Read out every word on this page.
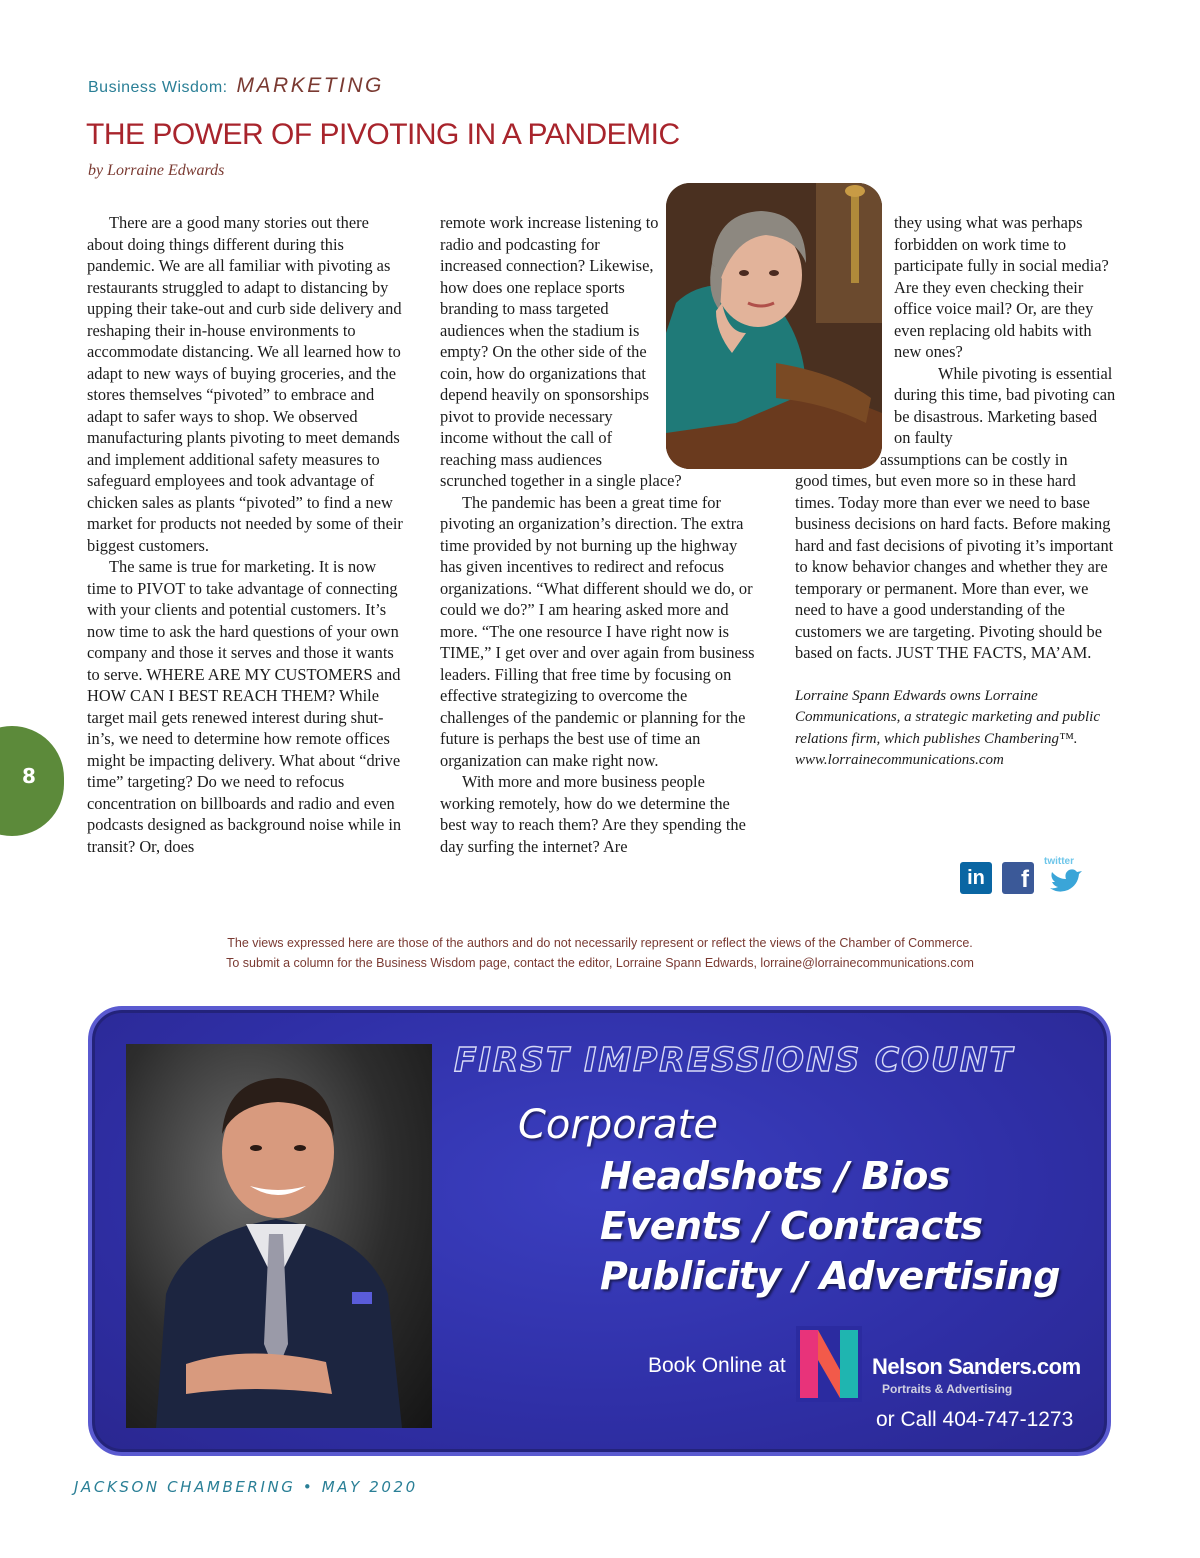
Business Wisdom: MARKETING
THE POWER OF PIVOTING IN A PANDEMIC
by Lorraine Edwards

There are a good many stories out there about doing things different during this pandemic. We are all familiar with pivoting as restaurants struggled to adapt to distancing by upping their take-out and curb side delivery and reshaping their in-house environments to accommodate distancing. We all learned how to adapt to new ways of buying groceries, and the stores themselves “pivoted” to embrace and adapt to safer ways to shop. We observed manufacturing plants pivoting to meet demands and implement additional safety measures to safeguard employees and took advantage of chicken sales as plants “pivoted” to find a new market for products not needed by some of their biggest customers.

The same is true for marketing. It is now time to PIVOT to take advantage of connecting with your clients and potential customers. It’s now time to ask the hard questions of your own company and those it serves and those it wants to serve. WHERE ARE MY CUSTOMERS and HOW CAN I BEST REACH THEM? While target mail gets renewed interest during shut-in’s, we need to determine how remote offices might be impacting delivery. What about “drive time” targeting? Do we need to refocus concentration on billboards and radio and even podcasts designed as background noise while in transit? Or, does

remote work increase listening to radio and podcasting for increased connection? Likewise, how does one replace sports branding to mass targeted audiences when the stadium is empty? On the other side of the coin, how do organizations that depend heavily on sponsorships pivot to provide necessary income without the call of reaching mass audiences

scrunched together in a single place?

The pandemic has been a great time for pivoting an organization’s direction. The extra time provided by not burning up the highway has given incentives to redirect and refocus organizations. “What different should we do, or could we do?” I am hearing asked more and more. “The one resource I have right now is TIME,” I get over and over again from business leaders. Filling that free time by focusing on effective strategizing to overcome the challenges of the pandemic or planning for the future is perhaps the best use of time an organization can make right now.

With more and more business people working remotely, how do we determine the best way to reach them? Are they spending the day surfing the internet? Are

they using what was perhaps forbidden on work time to participate fully in social media? Are they even checking their office voice mail? Or, are they even replacing old habits with new ones?

While pivoting is essential during this time, bad pivoting can be disastrous. Marketing based on faulty

assumptions can be costly in

good times, but even more so in these hard times. Today more than ever we need to base business decisions on hard facts. Before making hard and fast decisions of pivoting it’s important to know behavior changes and whether they are temporary or permanent. More than ever, we need to have a good understanding of the customers we are targeting. Pivoting should be based on facts. JUST THE FACTS, MA’AM.

Lorraine Spann Edwards owns Lorraine Communications, a strategic marketing and public relations firm, which publishes Chambering™.

www.lorrainecommunications.com

in	f
twitter
The views expressed here are those of the authors and do not necessarily represent or reflect the views of the Chamber of Commerce.
To submit a column for the Business Wisdom page, contact the editor, Lorraine Spann Edwards, lorraine@lorrainecommunications.com
8
FIRST IMPRESSIONS COUNT
Corporate
Headshots / Bios
Events / Contracts
Publicity / Advertising
Book Online at	Nelson Sanders.com
Portraits & Advertising
or Call 404-747-1273
JACKSON CHAMBERING • MAY 2020
